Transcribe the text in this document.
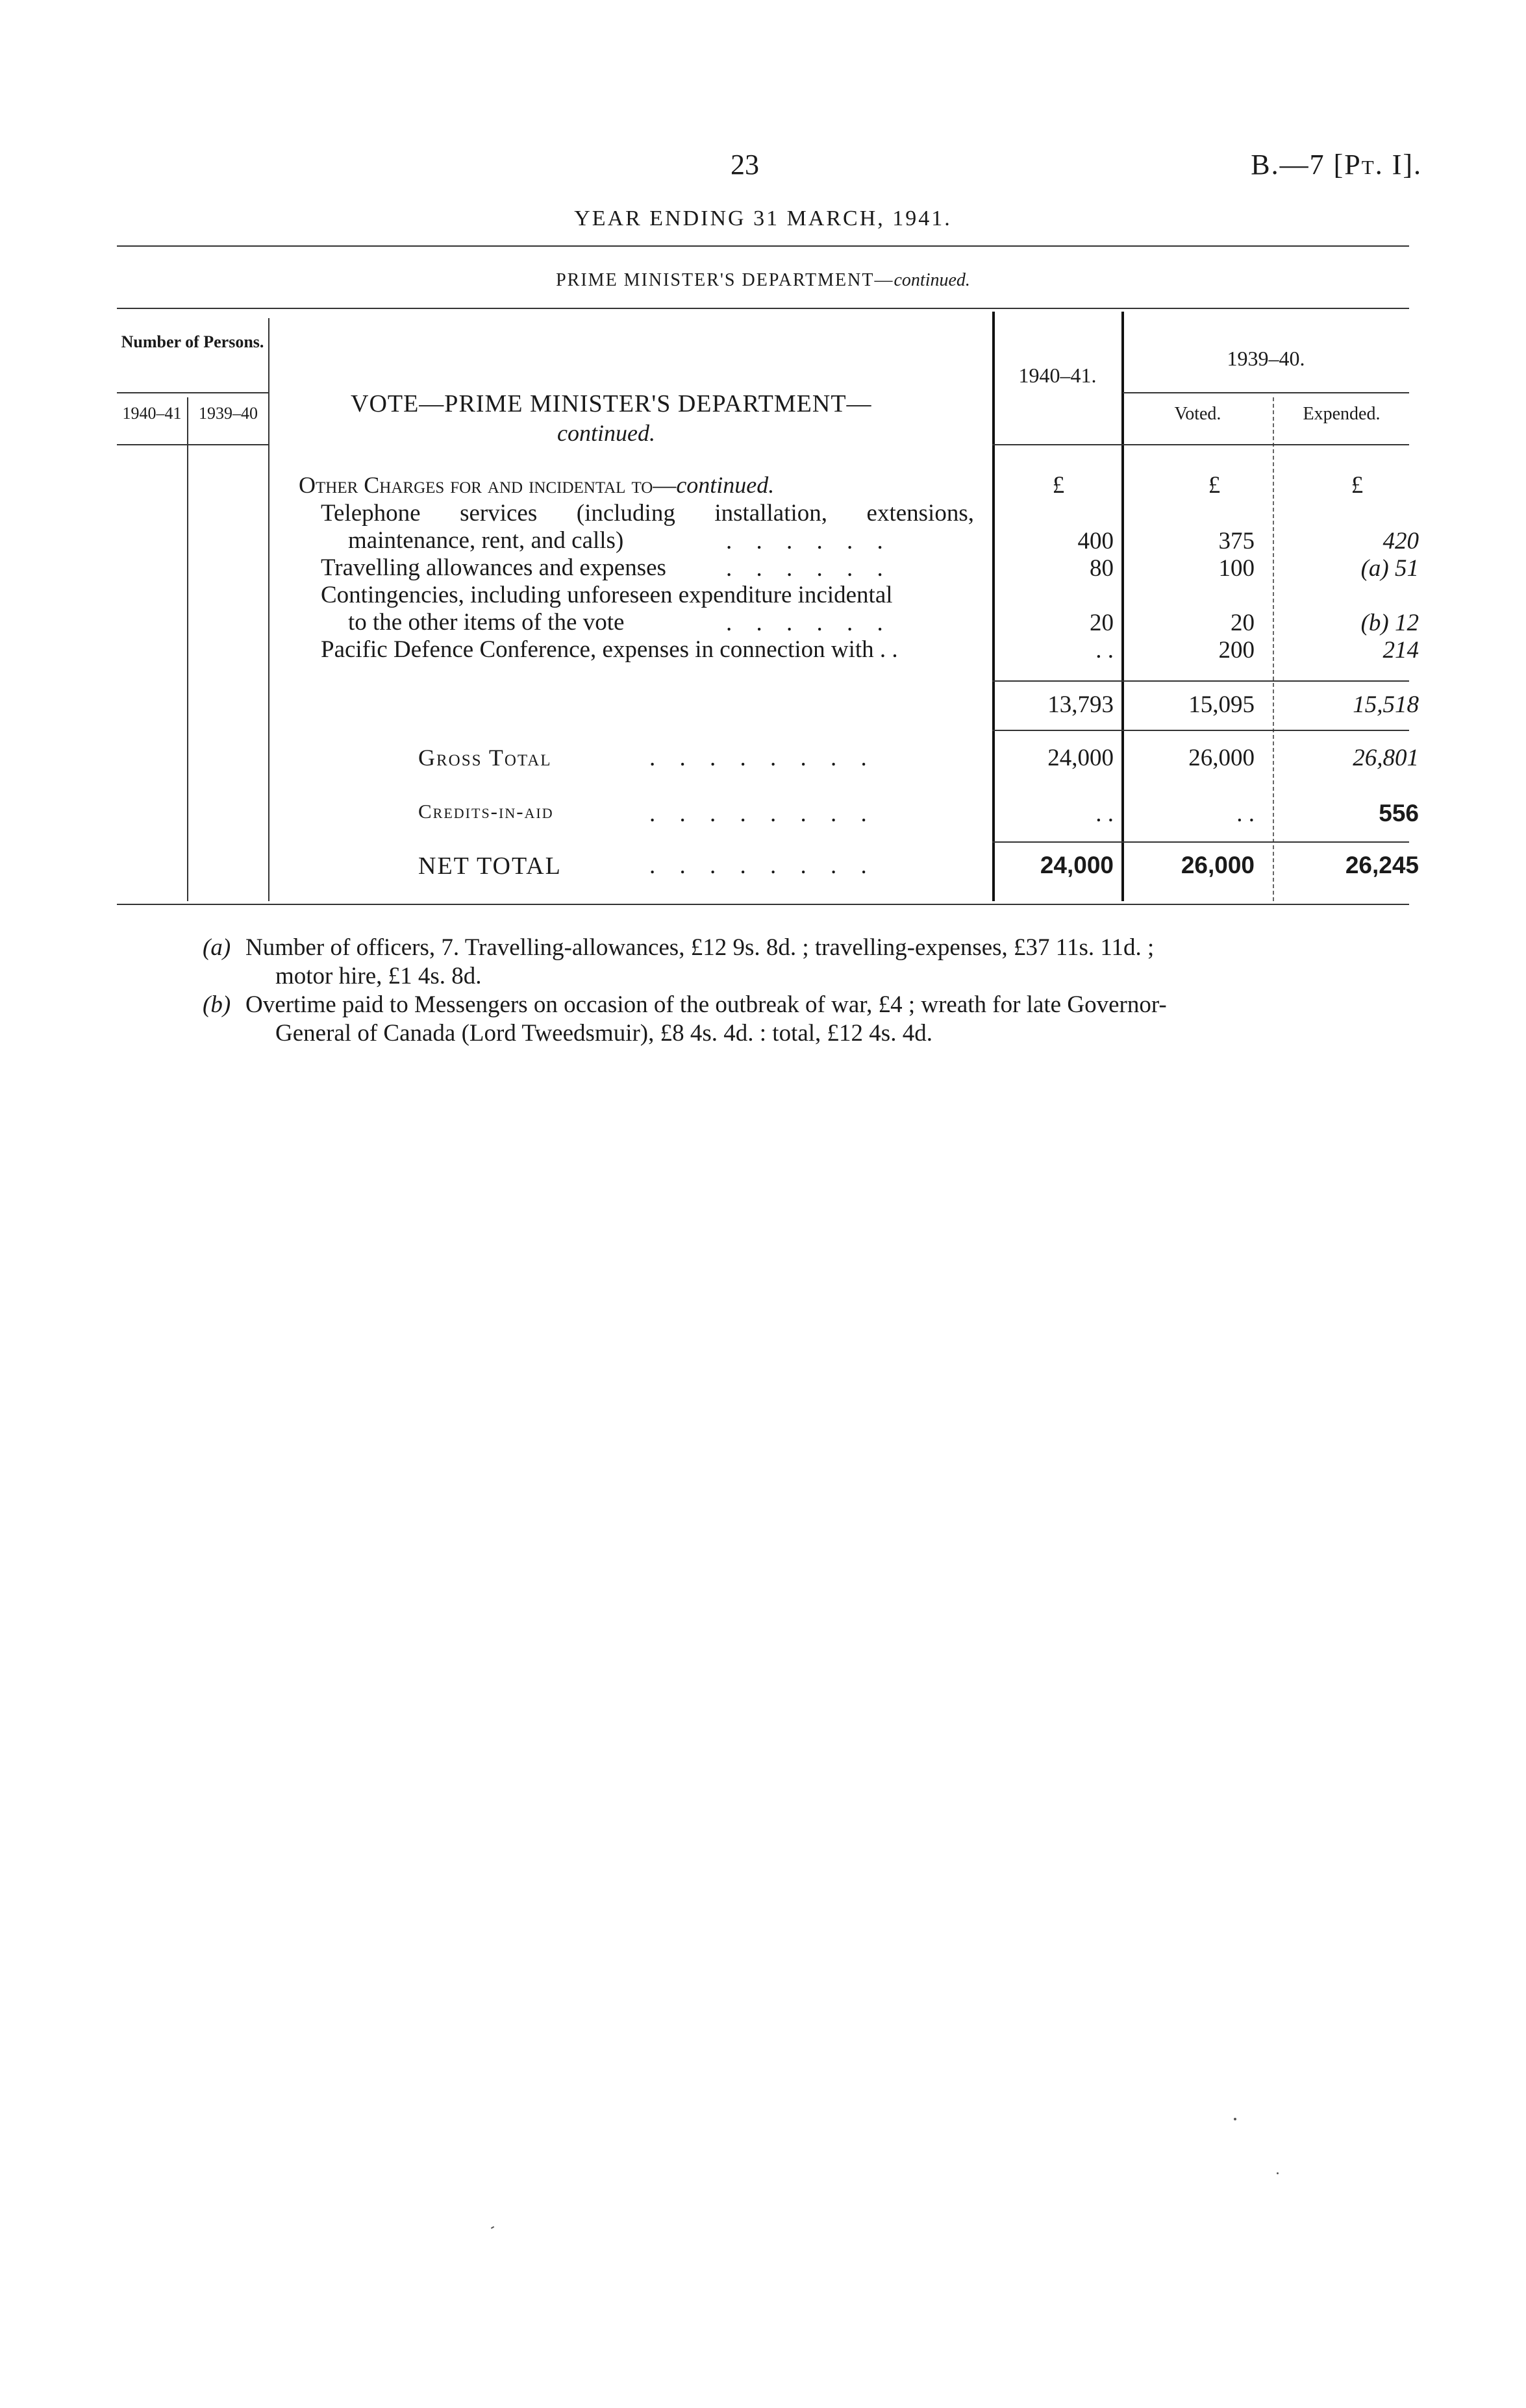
23	B.—7 [Pt. I].
YEAR ENDING 31 MARCH, 1941.
PRIME MINISTER'S DEPARTMENT—continued.
Number of Persons.
1940–41	1939–40	VOTE—PRIME MINISTER'S DEPARTMENT—
continued.
1940–41.
1939–40.
Voted.	Expended.
Other Charges for and incidental to—continued.	£	£	£
Telephone services (including installation, extensions,
maintenance, rent, and calls)	. . . . . .	400	375	420
Travelling allowances and expenses . . . . . .	80	100	(a) 51
Contingencies, including unforeseen expenditure incidental
to the other items of the vote	. . . . . .	20	20	(b) 12
Pacific Defence Conference, expenses in connection with . .	. .	200	214
13,793	15,095	15,518
Gross Total	. . . . . . . .	24,000	26,000	26,801
Credits-in-aid	. . . . . . . .	. .	. .	556
NET TOTAL	. . . . . . . .	24,000	26,000	26,245
(a) Number of officers, 7. Travelling-allowances, £12 9s. 8d. ; travelling-expenses, £37 11s. 11d. ;
motor hire, £1 4s. 8d.
(b) Overtime paid to Messengers on occasion of the outbreak of war, £4 ; wreath for late Governor-
General of Canada (Lord Tweedsmuir), £8 4s. 4d. : total, £12 4s. 4d.
